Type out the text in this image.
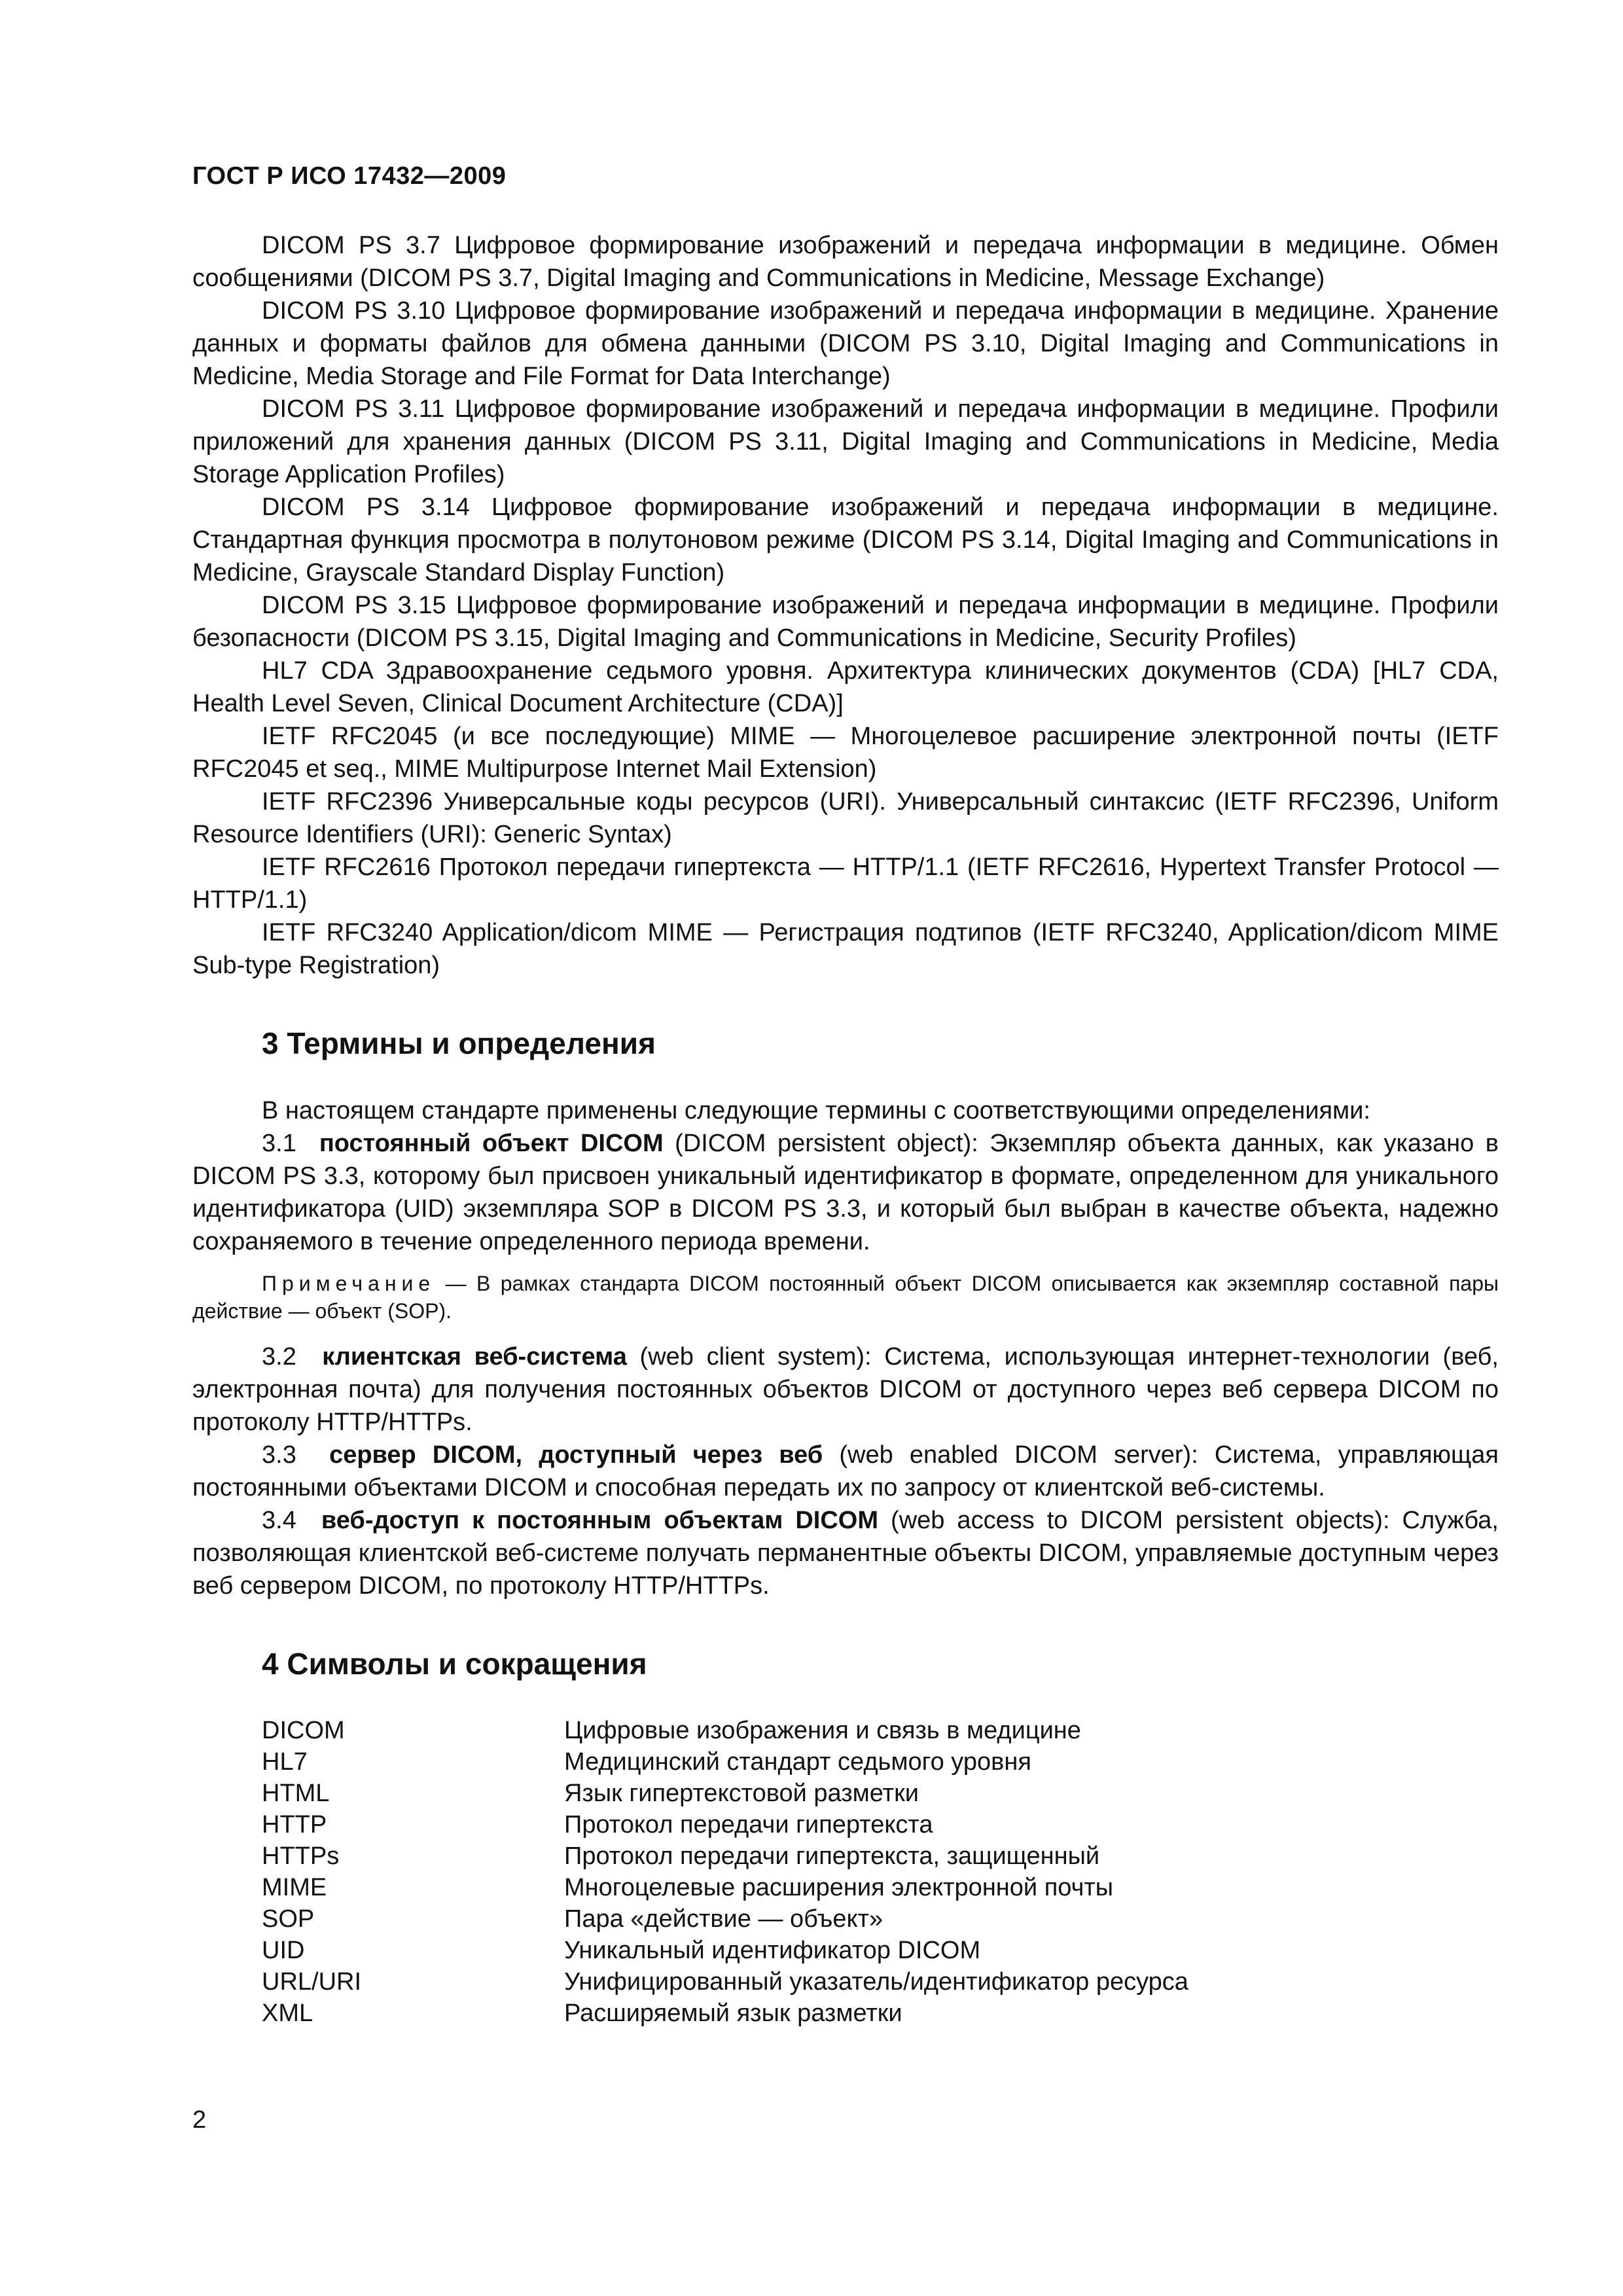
ГОСТ Р ИСО 17432—2009

DICOM PS 3.7 Цифровое формирование изображений и передача информации в медицине. Обмен сообщениями (DICOM PS 3.7, Digital Imaging and Communications in Medicine, Message Exchange)

DICOM PS 3.10 Цифровое формирование изображений и передача информации в медицине. Хранение данных и форматы файлов для обмена данными (DICOM PS 3.10, Digital Imaging and Communications in Medicine, Media Storage and File Format for Data Interchange)

DICOM PS 3.11 Цифровое формирование изображений и передача информации в медицине. Профили приложений для хранения данных (DICOM PS 3.11, Digital Imaging and Communications in Medicine, Media Storage Application Profiles)

DICOM PS 3.14 Цифровое формирование изображений и передача информации в медицине. Стандартная функция просмотра в полутоновом режиме (DICOM PS 3.14, Digital Imaging and Communications in Medicine, Grayscale Standard Display Function)

DICOM PS 3.15 Цифровое формирование изображений и передача информации в медицине. Профили безопасности (DICOM PS 3.15, Digital Imaging and Communications in Medicine, Security Profiles)

HL7 CDA Здравоохранение седьмого уровня. Архитектура клинических документов (CDA) [HL7 CDA, Health Level Seven, Clinical Document Architecture (CDA)]

IETF RFC2045 (и все последующие) MIME — Многоцелевое расширение электронной почты (IETF RFC2045 et seq., MIME Multipurpose Internet Mail Extension)

IETF RFC2396 Универсальные коды ресурсов (URI). Универсальный синтаксис (IETF RFC2396, Uniform Resource Identifiers (URI): Generic Syntax)

IETF RFC2616 Протокол передачи гипертекста — HTTP/1.1 (IETF RFC2616, Hypertext Transfer Protocol — HTTP/1.1)

IETF RFC3240 Application/dicom MIME — Регистрация подтипов (IETF RFC3240, Application/dicom MIME Sub-type Registration)

3 Термины и определения

В настоящем стандарте применены следующие термины с соответствующими определениями:

3.1 постоянный объект DICOM (DICOM persistent object): Экземпляр объекта данных, как указано в DICOM PS 3.3, которому был присвоен уникальный идентификатор в формате, определенном для уникального идентификатора (UID) экземпляра SOP в DICOM PS 3.3, и который был выбран в качестве объекта, надежно сохраняемого в течение определенного периода времени.

Примечание — В рамках стандарта DICOM постоянный объект DICOM описывается как экземпляр составной пары действие — объект (SOP).

3.2 клиентская веб-система (web client system): Система, использующая интернет-технологии (веб, электронная почта) для получения постоянных объектов DICOM от доступного через веб сервера DICOM по протоколу HTTP/HTTPs.

3.3 сервер DICOM, доступный через веб (web enabled DICOM server): Система, управляющая постоянными объектами DICOM и способная передать их по запросу от клиентской веб-системы.

3.4 веб-доступ к постоянным объектам DICOM (web access to DICOM persistent objects): Служба, позволяющая клиентской веб-системе получать перманентные объекты DICOM, управляемые доступным через веб сервером DICOM, по протоколу HTTP/HTTPs.

4 Символы и сокращения
DICOM	Цифровые изображения и связь в медицине
HL7	Медицинский стандарт седьмого уровня
HTML	Язык гипертекстовой разметки
HTTP	Протокол передачи гипертекста
HTTPs	Протокол передачи гипертекста, защищенный
MIME	Многоцелевые расширения электронной почты
SOP	Пара «действие — объект»
UID	Уникальный идентификатор DICOM
URL/URI	Унифицированный указатель/идентификатор ресурса
XML	Расширяемый язык разметки
2
